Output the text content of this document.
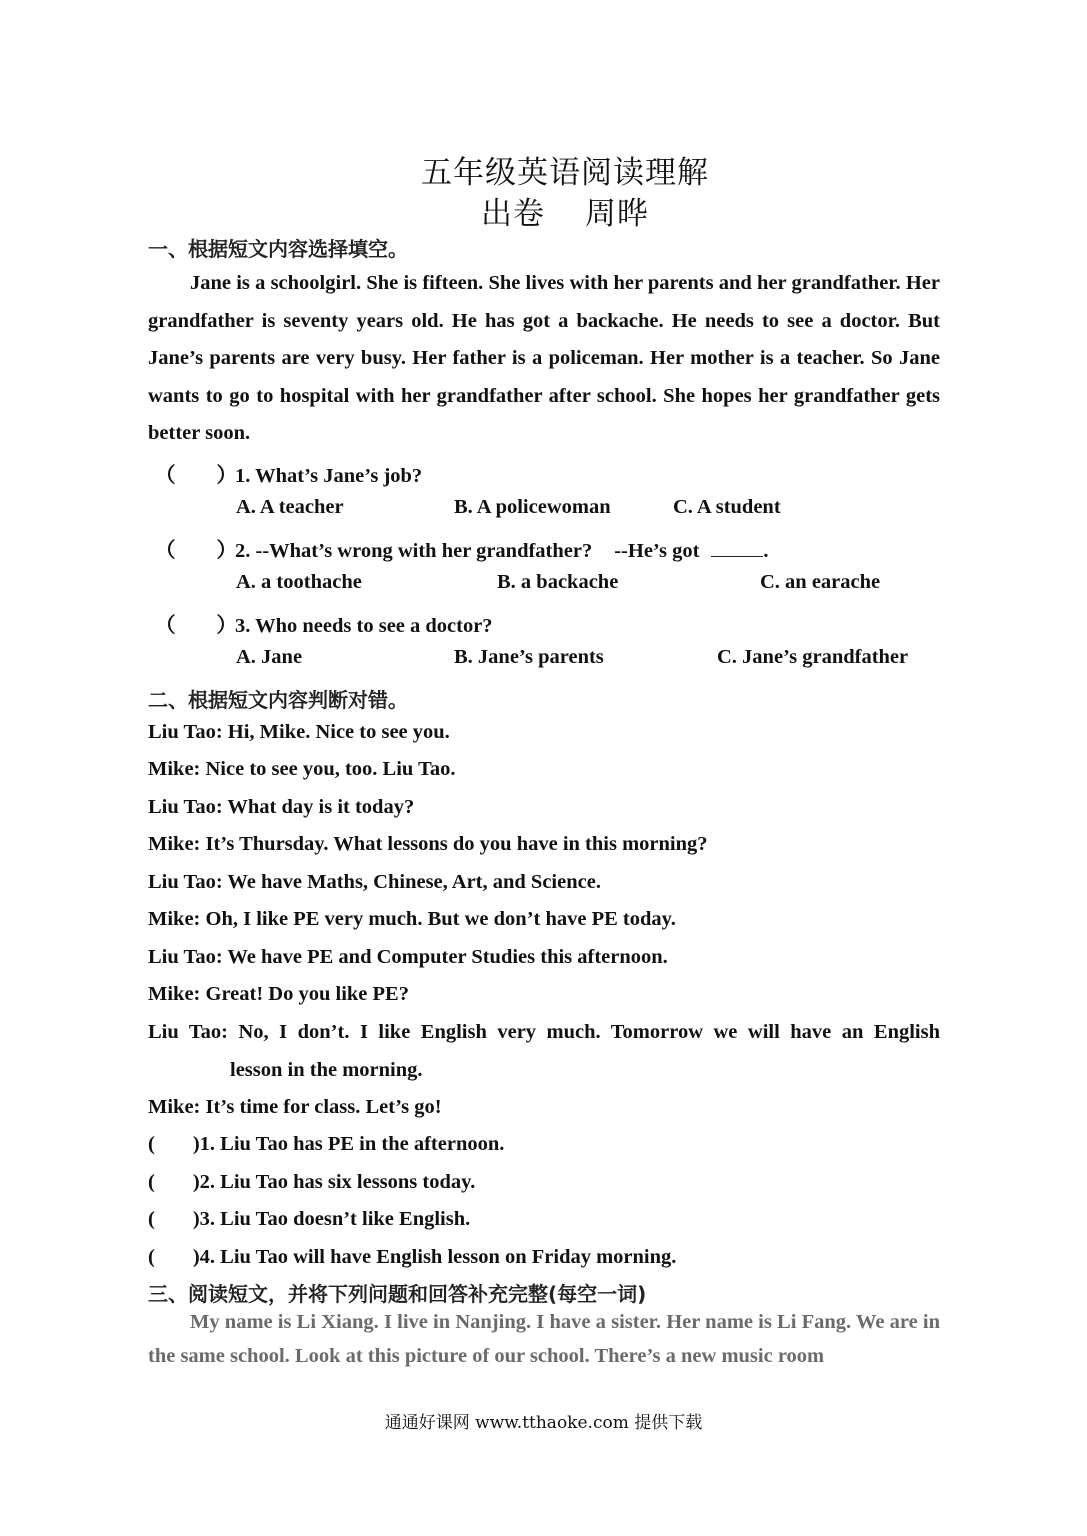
五年级英语阅读理解
出卷 周晔
一、根据短文内容选择填空。

Jane is a schoolgirl. She is fifteen. She lives with her parents and her grandfather. Her grandfather is seventy years old. He has got a backache. He needs to see a doctor. But Jane’s parents are very busy. Her father is a policeman. Her mother is a teacher. So Jane wants to go to hospital with her grandfather after school. She hopes her grandfather gets better soon.

（　　）1. What’s Jane’s job?
A. A teacher	B. A policewoman	C. A student
（　　）2. --What’s wrong with her grandfather? --He’s got	.
A. a toothache	B. a backache	C. an earache
（　　）3. Who needs to see a doctor?
A. Jane	B. Jane’s parents	C. Jane’s grandfather
二、根据短文内容判断对错。
Liu Tao: Hi, Mike. Nice to see you.
Mike: Nice to see you, too. Liu Tao.
Liu Tao: What day is it today?
Mike: It’s Thursday. What lessons do you have in this morning?
Liu Tao: We have Maths, Chinese, Art, and Science.
Mike: Oh, I like PE very much. But we don’t have PE today.
Liu Tao: We have PE and Computer Studies this afternoon.
Mike: Great! Do you like PE?
Liu Tao: No, I don’t. I like English very much. Tomorrow we will have an English
lesson in the morning.
Mike: It’s time for class. Let’s go!
( )1. Liu Tao has PE in the afternoon.
( )2. Liu Tao has six lessons today.
( )3. Liu Tao doesn’t like English.
( )4. Liu Tao will have English lesson on Friday morning.
三、阅读短文，并将下列问题和回答补充完整(每空一词)

My name is Li Xiang. I live in Nanjing. I have a sister. Her name is Li Fang. We are in the same school. Look at this picture of our school. There’s a new music room

通通好课网 www.tthaoke.com 提供下载
